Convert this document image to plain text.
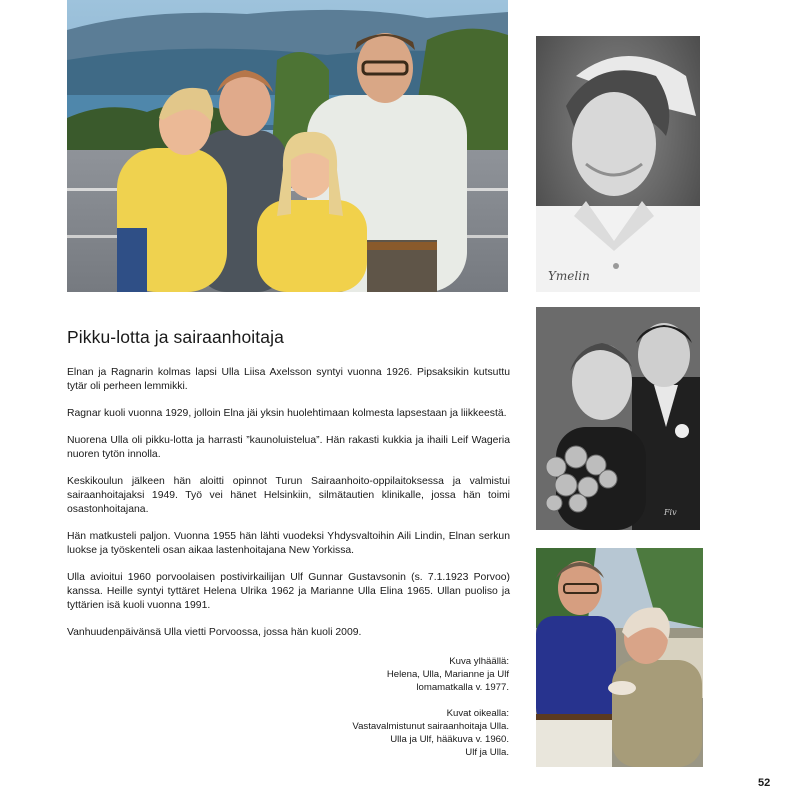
Ymelin
Fiv
Pikku-lotta ja sairaanhoitaja

Elnan ja Ragnarin kolmas lapsi Ulla Liisa Axelsson syntyi vuonna 1926. Pipsaksikin kutsuttu tytär oli perheen lemmikki.

Ragnar kuoli vuonna 1929, jolloin Elna jäi yksin huolehtimaan kolmesta lapsestaan ja liikkeestä.

Nuorena Ulla oli pikku-lotta ja harrasti ”kaunoluistelua”. Hän rakasti kukkia ja ihaili Leif Wageria nuoren tytön innolla.

Keskikoulun jälkeen hän aloitti opinnot Turun Sairaanhoito-oppilaitoksessa ja valmistui sairaanhoitajaksi 1949. Työ vei hänet Helsinkiin, silmätautien klinikalle, jossa hän toimi osastonhoitajana.

Hän matkusteli paljon. Vuonna 1955 hän lähti vuodeksi Yhdysvaltoihin Aili Lindin, Elnan serkun luokse ja työskenteli osan aikaa lastenhoitajana New Yorkissa.

Ulla avioitui 1960 porvoolaisen postivirkailijan Ulf Gunnar Gustavsonin (s. 7.1.1923 Porvoo) kanssa. Heille syntyi tyttäret Helena Ulrika 1962 ja Marianne Ulla Elina 1965. Ullan puoliso ja tyttärien isä kuoli vuonna 1991.

Vanhuudenpäivänsä Ulla vietti Porvoossa, jossa hän kuoli 2009.

Kuva ylhäällä:
Helena, Ulla, Marianne ja Ulf
lomamatkalla v. 1977.
Kuvat oikealla:
Vastavalmistunut sairaanhoitaja Ulla.
Ulla ja Ulf, hääkuva v. 1960.
Ulf ja Ulla.
52
